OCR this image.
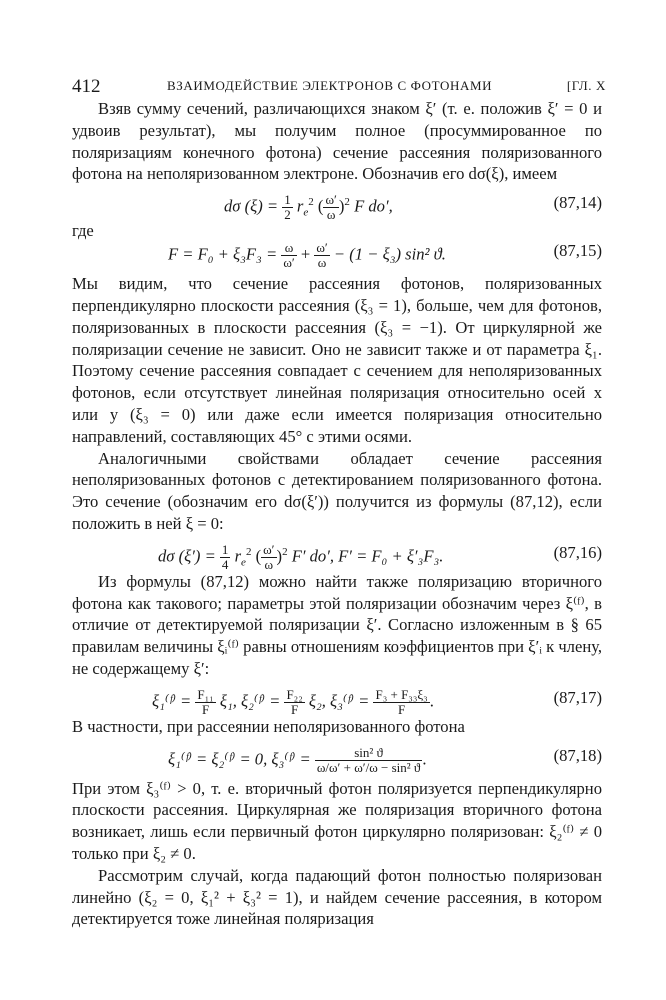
412	ВЗАИМОДЕЙСТВИЕ ЭЛЕКТРОНОВ С ФОТОНАМИ	[ГЛ. X

Взяв сумму сечений, различающихся знаком ξ′ (т. е. положив ξ′ = 0 и удвоив результат), мы получим полное (просуммированное по поляризациям конечного фотона) сечение рассеяния поляризованного фотона на неполяризованном электроне. Обозначив его dσ(ξ), имеем

dσ $(\xi) = \frac{1}{2} r_e^2$ ( $\frac{\omega'}{\omega} )^2$ F do′,	(87,14)

где

$F = F_0 + \xi_3F_3 = \frac{\omega}{\omega'} + \frac{\omega'}{\omega} - (1 - \xi_3)$ sin² ϑ.	(87,15)

Мы видим, что сечение рассеяния фотонов, поляризованных перпендикулярно плоскости рассеяния (ξ₃ = 1), больше, чем для фотонов, поляризованных в плоскости рассеяния (ξ₃ = −1). От циркулярной же поляризации сечение не зависит. Оно не зависит также и от параметра ξ₁. Поэтому сечение рассеяния совпадает с сечением для неполяризованных фотонов, если отсутствует линейная поляризация относительно осей x или y (ξ₃ = 0) или даже если имеется поляризация относительно направлений, составляющих 45° с этими осями.

Аналогичными свойствами обладает сечение рассеяния неполяризованных фотонов с детектированием поляризованного фотона. Это сечение (обозначим его dσ(ξ′)) получится из формулы (87,12), если положить в ней ξ = 0:

dσ $(\xi') = \frac{1}{4} r_e^2$ ( $\frac{\omega'}{\omega} )^2$ F′ do′, F′ = F₀ + ξ′₃F₃.	(87,16)

Из формулы (87,12) можно найти также поляризацию вторичного фотона как такового; параметры этой поляризации обозначим через ξ⁽ᶠ⁾, в отличие от детектируемой поляризации ξ′. Согласно изложенным в § 65 правилам величины ξᵢ⁽ᶠ⁾ равны отношениям коэффициентов при ξ′ᵢ к члену, не содержащему ξ′:

ξ₁⁽ᶠ⁾ = $\frac{\text{F₁₁}}{F} \xi_1$, ξ₂⁽ᶠ⁾ = $\frac{\text{F₂₂}}{F} \xi_2$, ξ₃⁽ᶠ⁾ = $\frac{\text{F₃ + F₃₃ξ₃}}{F}$ .	(87,17)

В частности, при рассеянии неполяризованного фотона

ξ₁⁽ᶠ⁾ = ξ₂⁽ᶠ⁾ = 0, ξ₃⁽ᶠ⁾ = $\frac{\text{sin² ϑ}}{\text{ω/ω′ + ω′/ω − sin² ϑ}}$ .	(87,18)

При этом ξ₃⁽ᶠ⁾ > 0, т. е. вторичный фотон поляризуется перпендикулярно плоскости рассеяния. Циркулярная же поляризация вторичного фотона возникает, лишь если первичный фотон циркулярно поляризован: ξ₂⁽ᶠ⁾ ≠ 0 только при ξ₂ ≠ 0.

Рассмотрим случай, когда падающий фотон полностью поляризован линейно (ξ₂ = 0, ξ₁² + ξ₃² = 1), и найдем сечение рассеяния, в котором детектируется тоже линейная поляризация
